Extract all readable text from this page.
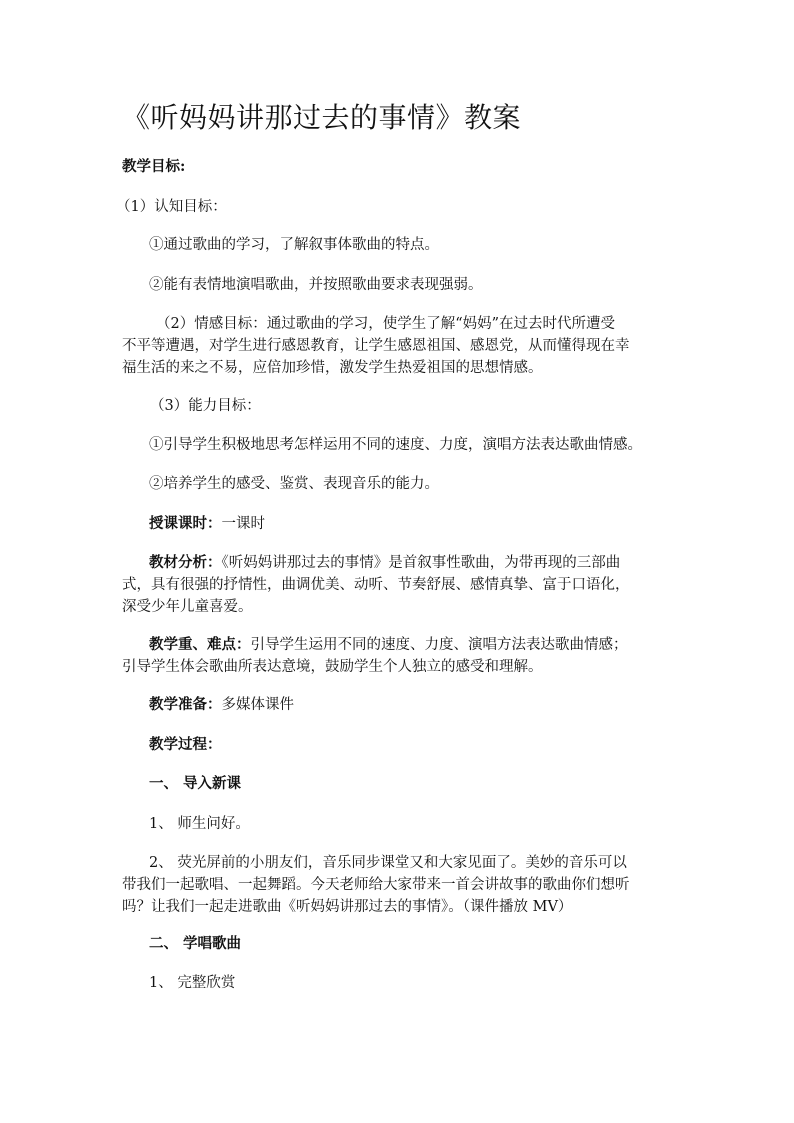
《听妈妈讲那过去的事情》教案
教学目标:
（1）认知目标：
①通过歌曲的学习，了解叙事体歌曲的特点。
②能有表情地演唱歌曲，并按照歌曲要求表现强弱。
（2）情感目标：通过歌曲的学习，使学生了解“妈妈”在过去时代所遭受
不平等遭遇，对学生进行感恩教育，让学生感恩祖国、感恩党，从而懂得现在幸
福生活的来之不易，应倍加珍惜，激发学生热爱祖国的思想情感。
（3）能力目标：
①引导学生积极地思考怎样运用不同的速度、力度，演唱方法表达歌曲情感。
②培养学生的感受、鉴赏、表现音乐的能力。
授课课时：一课时
教材分析：《听妈妈讲那过去的事情》是首叙事性歌曲，为带再现的三部曲
式，具有很强的抒情性，曲调优美、动听、节奏舒展、感情真挚、富于口语化，
深受少年儿童喜爱。
教学重、难点：引导学生运用不同的速度、力度、演唱方法表达歌曲情感；
引导学生体会歌曲所表达意境，鼓励学生个人独立的感受和理解。
教学准备：多媒体课件
教学过程：
一、 导入新课
1、 师生问好。
2、 荧光屏前的小朋友们，音乐同步课堂又和大家见面了。美妙的音乐可以
带我们一起歌唱、一起舞蹈。今天老师给大家带来一首会讲故事的歌曲你们想听
吗？让我们一起走进歌曲《听妈妈讲那过去的事情》。（课件播放 MV）
二、 学唱歌曲
1、 完整欣赏
